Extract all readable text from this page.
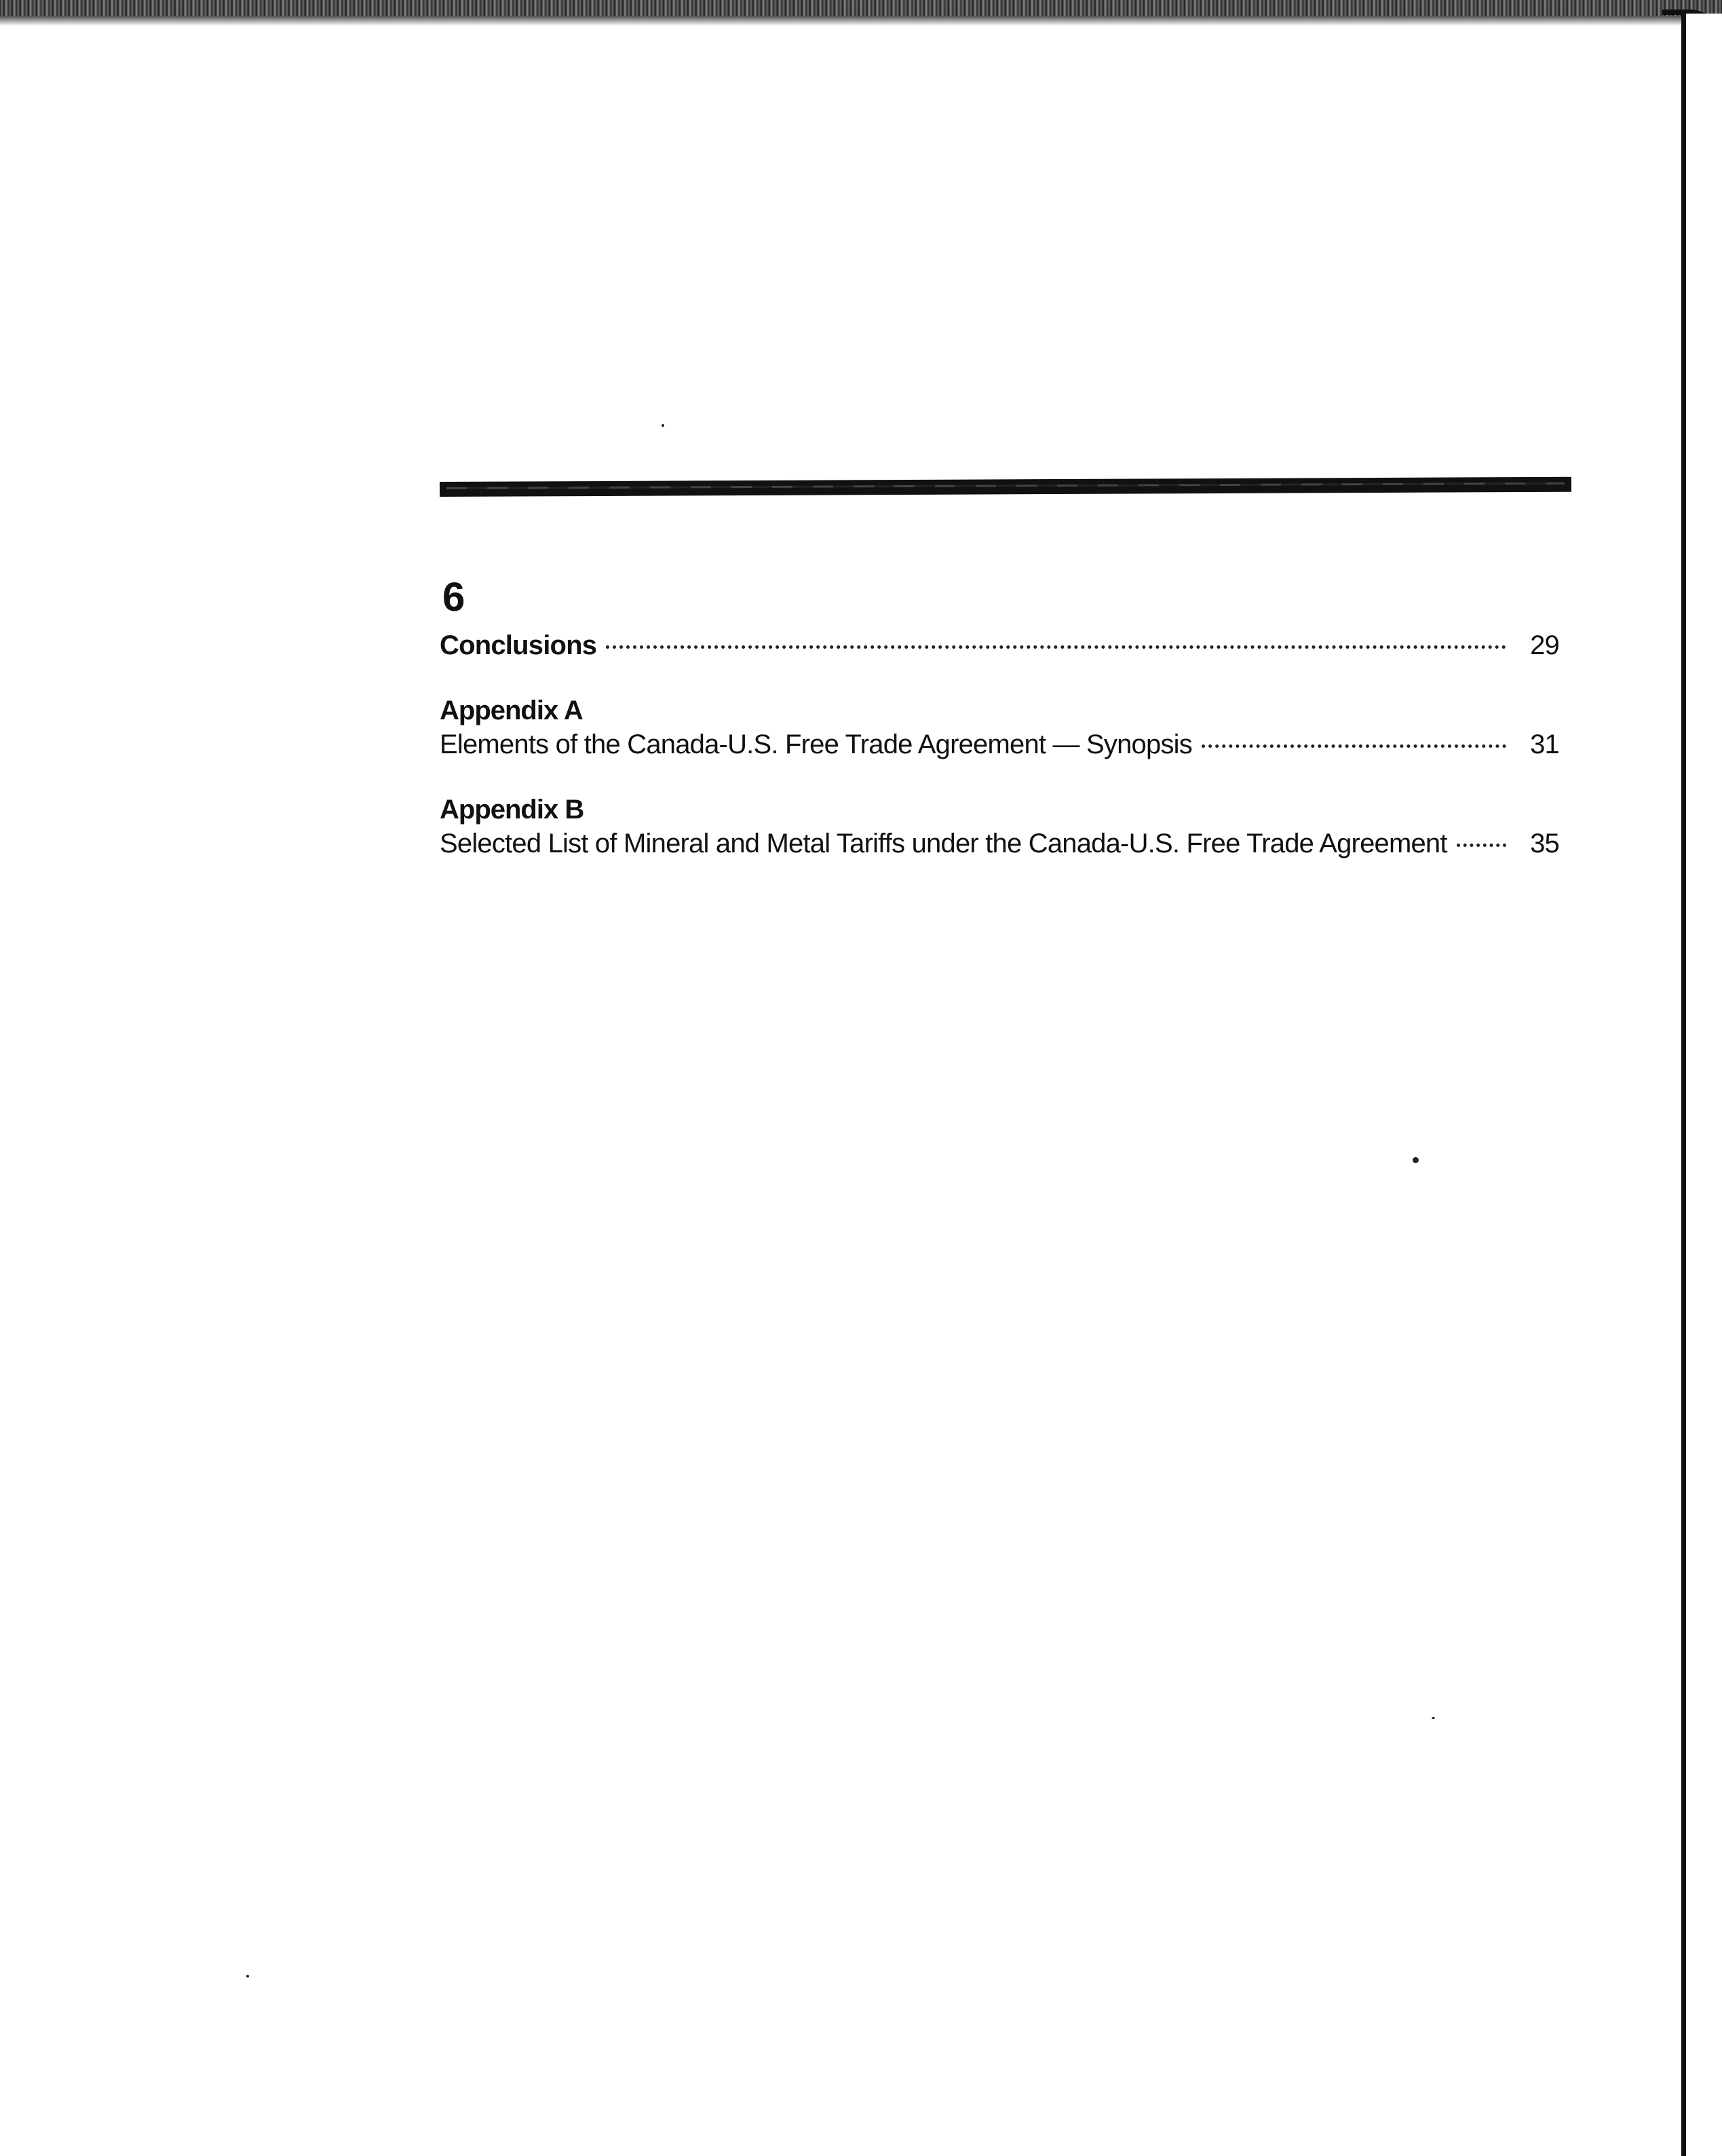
6
Conclusions	29
Appendix A
Elements of the Canada-U.S. Free Trade Agreement — Synopsis	31
Appendix B
Selected List of Mineral and Metal Tariffs under the Canada-U.S. Free Trade Agreement	35
